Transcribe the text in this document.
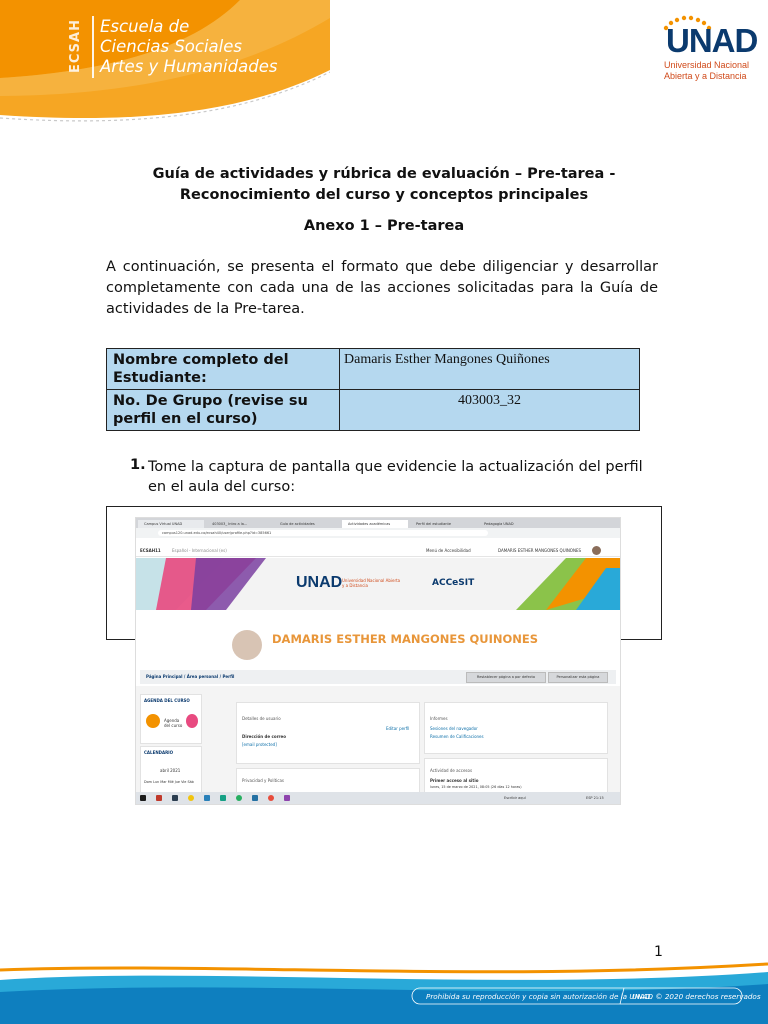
ECSAH	Escuela de
Ciencias Sociales
Artes y Humanidades
UNAD
Universidad Nacional
Abierta y a Distancia
Guía de actividades y rúbrica de evaluación – Pre-tarea -
Reconocimiento del curso y conceptos principales
Anexo 1 – Pre-tarea
A continuación, se presenta el formato que debe diligenciar y desarrollar completamente con cada una de las acciones solicitadas para la Guía de actividades de la Pre-tarea.
Nombre completo del Estudiante:	Damaris Esther Mangones Quiñones
No. De Grupo (revise su perfil en el curso)	403003_32
1. Tome la captura de pantalla que evidencie la actualización del perfil en el aula del curso:
Campus Virtual UNAD	403003_ Intro a la...	Guía de actividades	Actividades académicas	Perfil del estudiante	Pedagogía UNAD
campus120.unad.edu.co/ecsah40/user/profile.php?id=385661
ECSAH11	Español - Internacional (es)	Menú de Accesibilidad	DAMARIS ESTHER MANGONES QUINONES
UNAD Universidad Nacional Abierta y a Distancia	ACCeSIT
DAMARIS ESTHER MANGONES QUINONES
Página Principal / Área personal / Perfil	Restablecer página a por defecto	Personalizar esta página
AGENDA DEL CURSO
Agenda del curso
CALENDARIO
abril 2021
Dom Lun Mar Mié Jue Vie Sáb
Detalles de usuario
Editar perfil
Dirección de correo
[email protected]
Privacidad y Políticas
Informes
Sesiones del navegador
Resumen de Calificaciones
Actividad de accesos
Primer acceso al sitio
lunes, 15 de marzo de 2021, 08:05 (26 días 12 horas)
Escribir aquí	ESP 21:15
1
Prohibida su reproducción y copia sin autorización de la UNAD.
UNAD © 2020 derechos reservados
